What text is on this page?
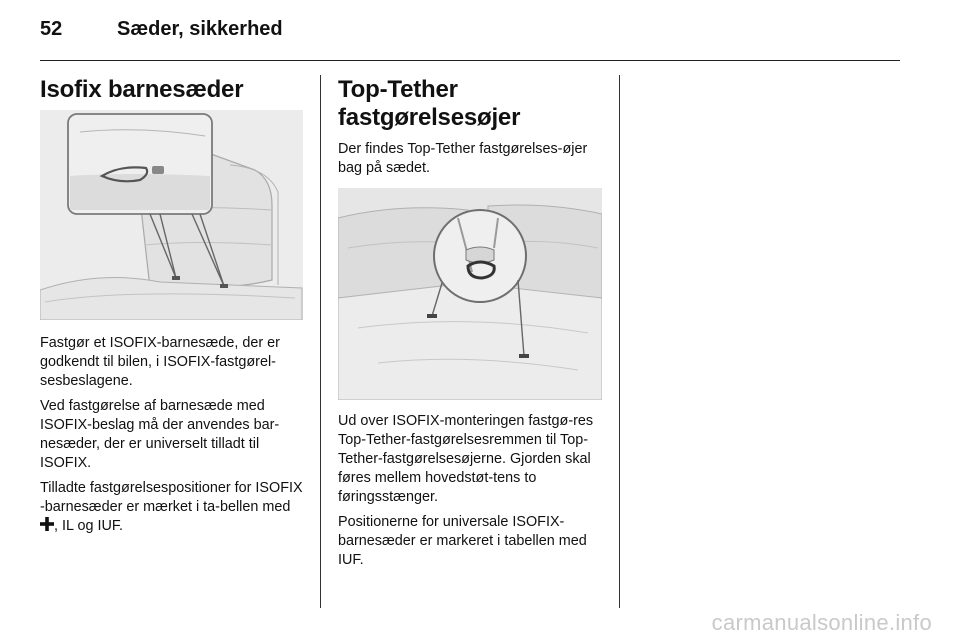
52	Sæder, sikkerhed
Isofix barnesæder

Fastgør et ISOFIX-barnesæde, der er godkendt til bilen, i ISOFIX-fastgørel-sesbeslagene.

Ved fastgørelse af barnesæde med ISOFIX-beslag må der anvendes bar-nesæder, der er universelt tilladt til ISOFIX.

Tilladte fastgørelsespositioner for ISOFIX -barnesæder er mærket i ta-bellen med , IL og IUF.

Top-Tether
fastgørelsesøjer

Der findes Top-Tether fastgørelses-øjer bag på sædet.

Ud over ISOFIX-monteringen fastgø-res Top-Tether-fastgørelsesremmen til Top-Tether-fastgørelsesøjerne. Gjorden skal føres mellem hovedstøt-tens to føringsstænger.

Positionerne for universale ISOFIX-barnesæder er markeret i tabellen med IUF.

carmanualsonline.info
